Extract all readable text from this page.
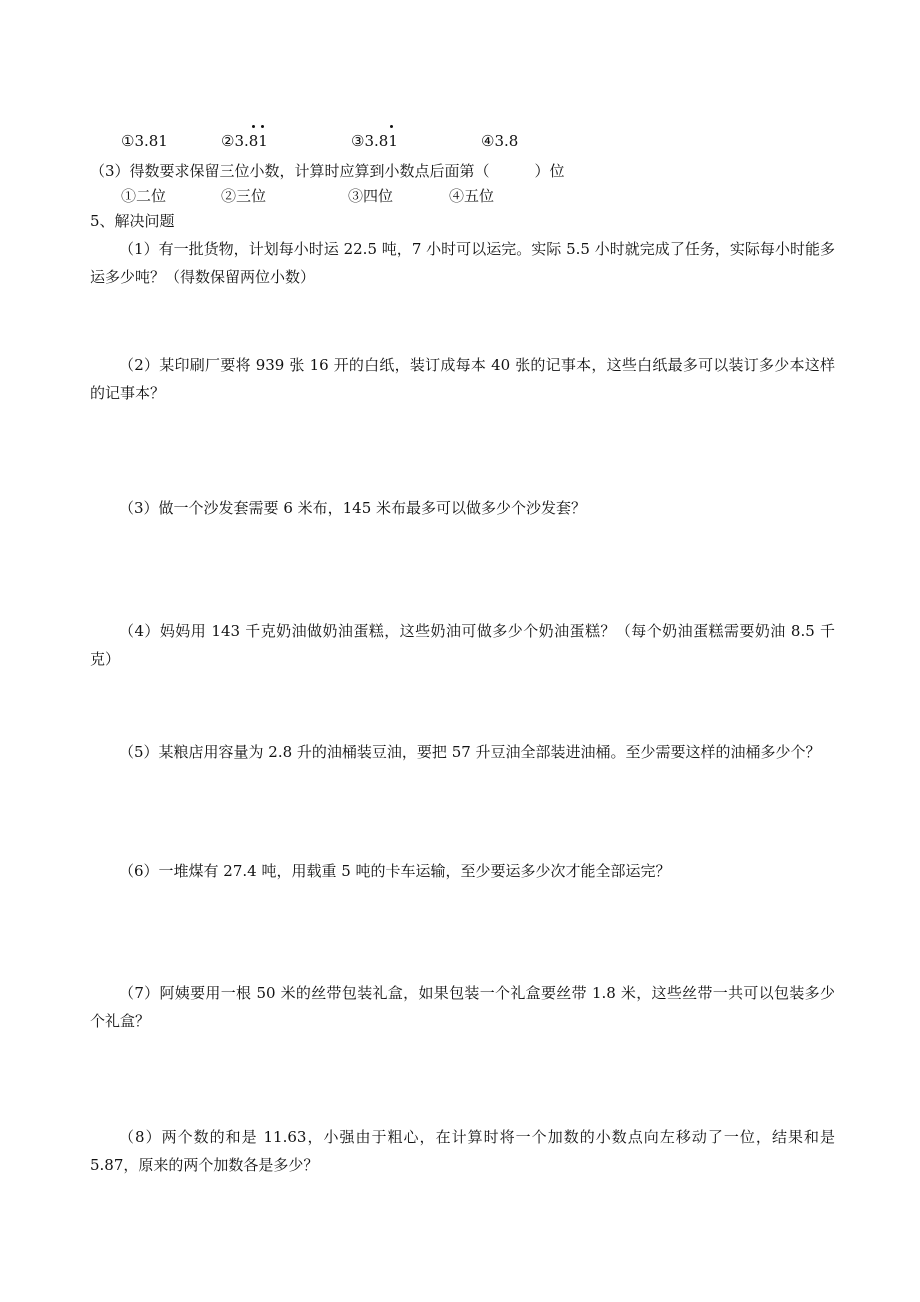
①3.81	②3.
81	③3.8
1	④3.8
（3）得数要求保留三位小数，计算时应算到小数点后面第（　　　）位
①二位	②三位	③四位	④五位
5、解决问题
（1）有一批货物，计划每小时运 22.5 吨，7 小时可以运完。实际 5.5 小时就完成了任务，实际每小时能多运多少吨？（得数保留两位小数）
（2）某印刷厂要将 939 张 16 开的白纸，装订成每本 40 张的记事本，这些白纸最多可以装订多少本这样的记事本？
（3）做一个沙发套需要 6 米布，145 米布最多可以做多少个沙发套？
（4）妈妈用 143 千克奶油做奶油蛋糕，这些奶油可做多少个奶油蛋糕？（每个奶油蛋糕需要奶油 8.5 千克）
（5）某粮店用容量为 2.8 升的油桶装豆油，要把 57 升豆油全部装进油桶。至少需要这样的油桶多少个？
（6）一堆煤有 27.4 吨，用载重 5 吨的卡车运输，至少要运多少次才能全部运完？
（7）阿姨要用一根 50 米的丝带包装礼盒，如果包装一个礼盒要丝带 1.8 米，这些丝带一共可以包装多少个礼盒？
（8）两个数的和是 11.63，小强由于粗心，在计算时将一个加数的小数点向左移动了一位，结果和是 5.87，原来的两个加数各是多少？
